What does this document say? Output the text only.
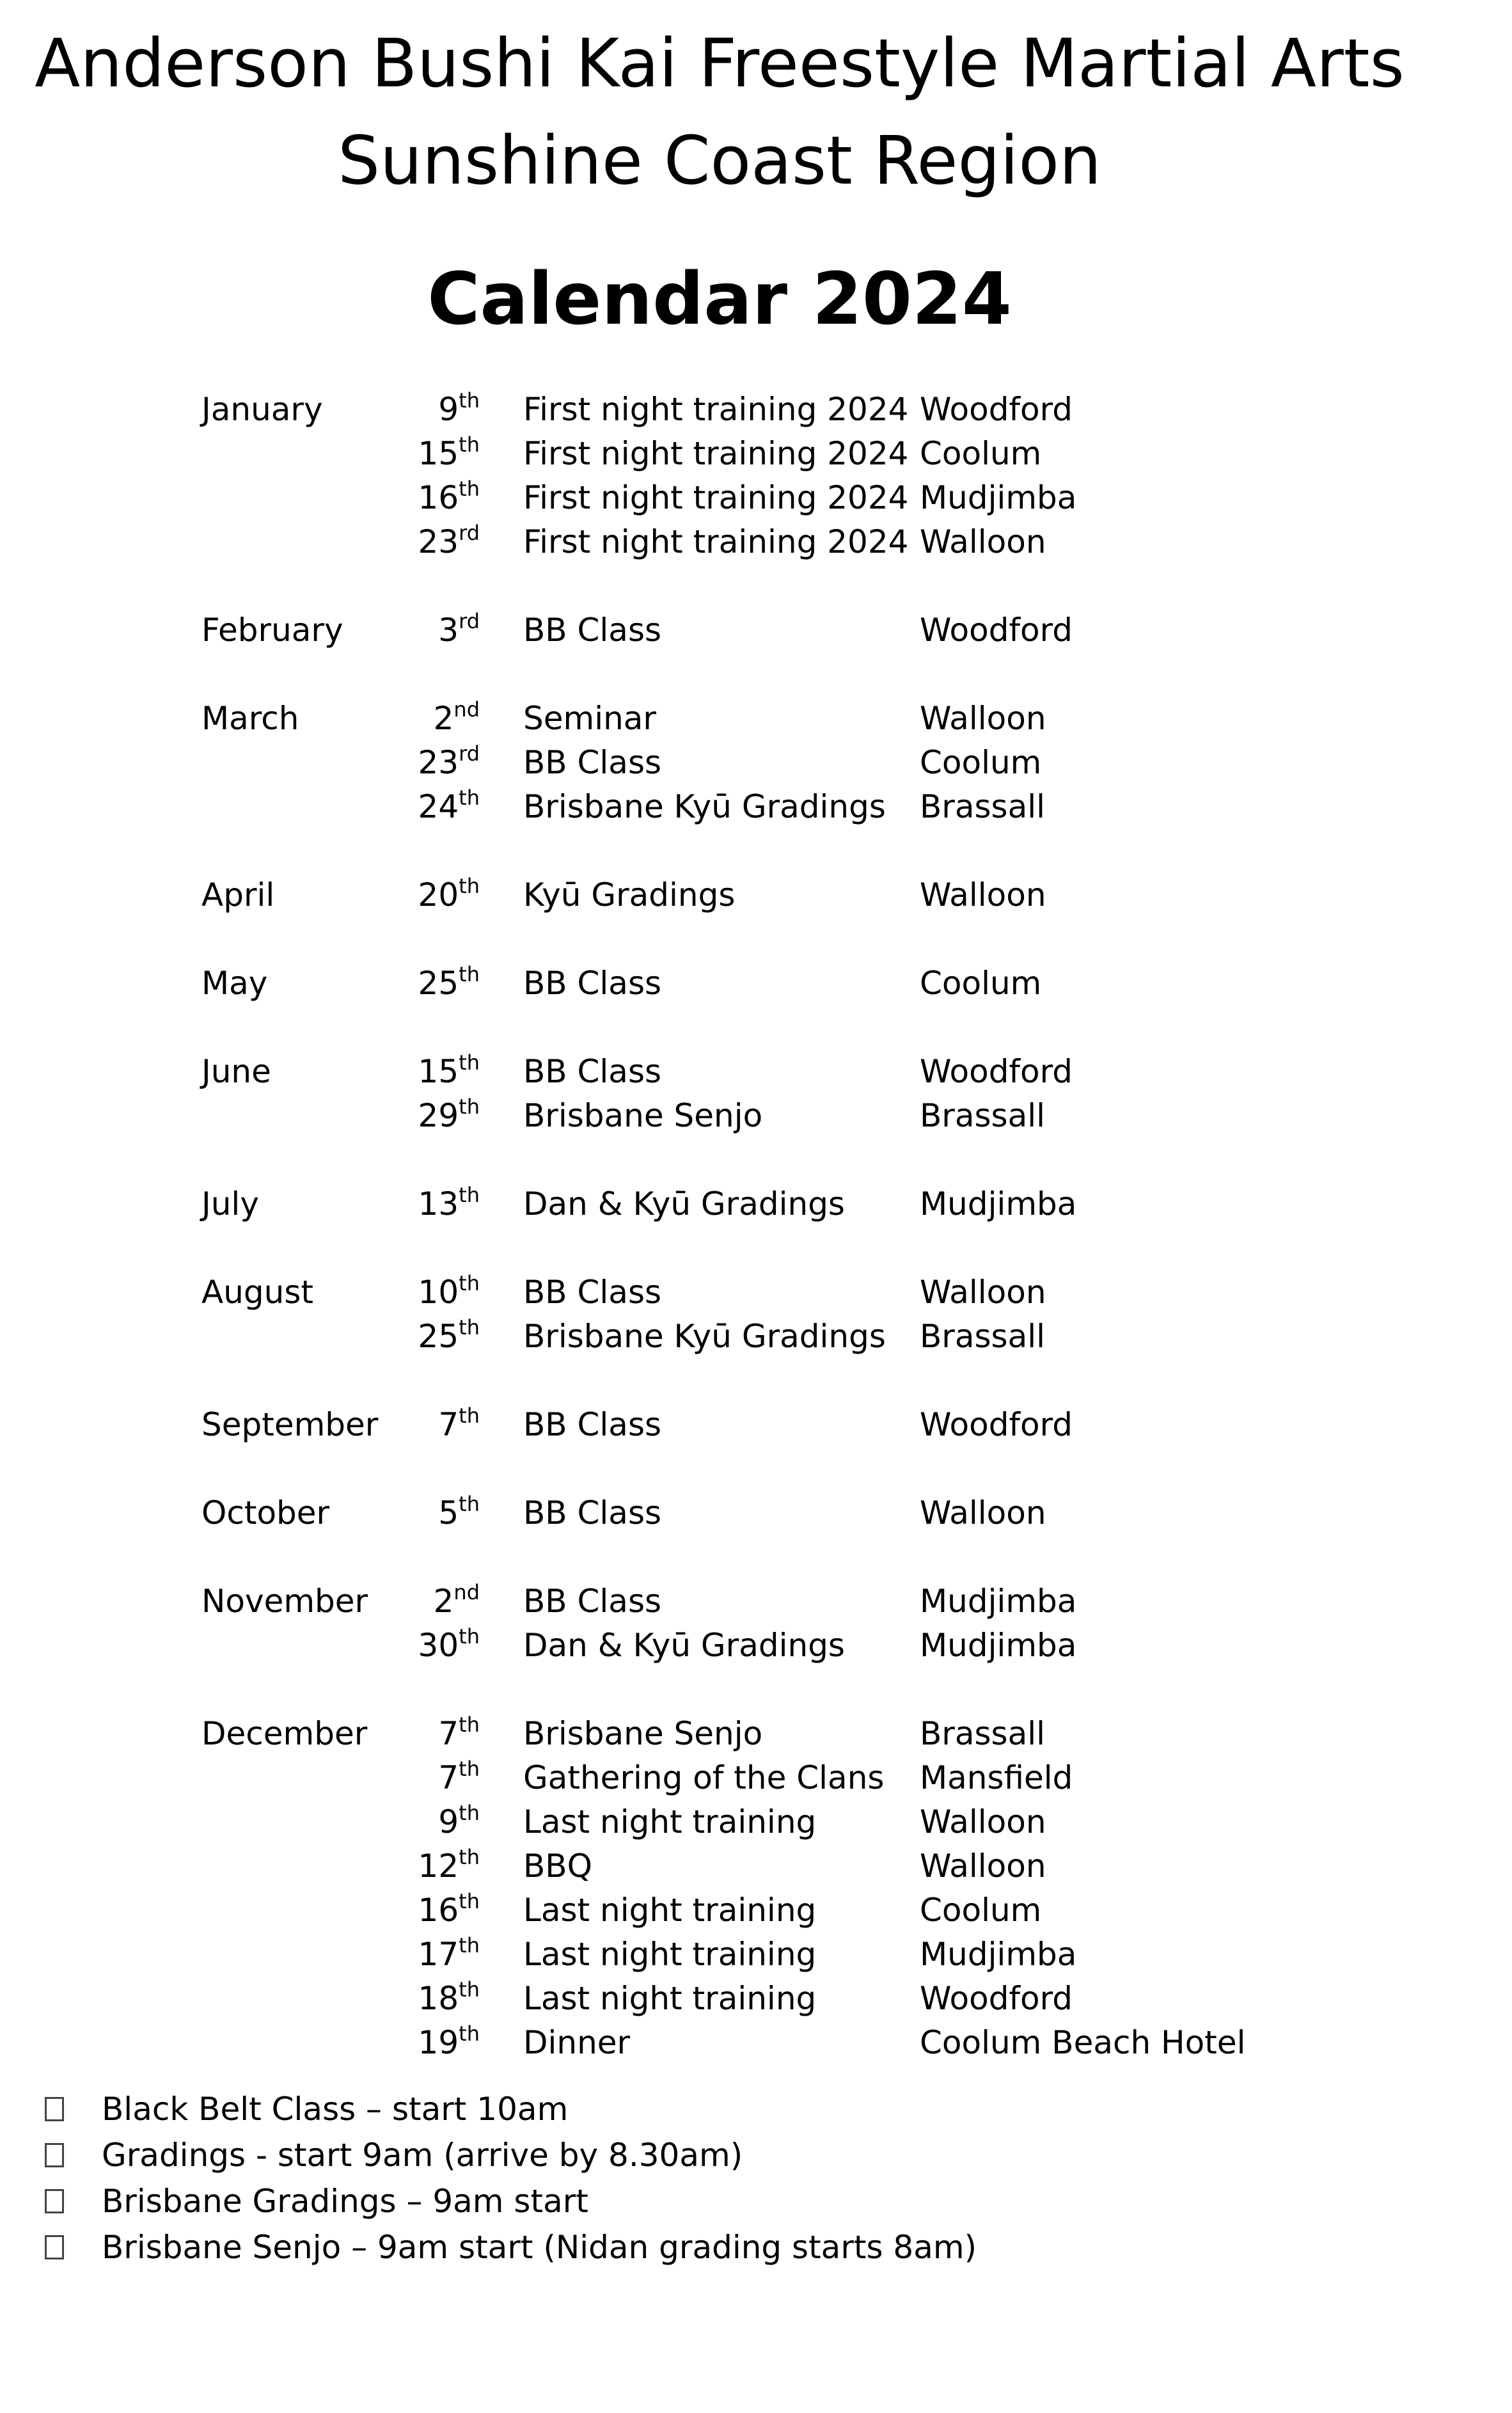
Anderson Bushi Kai Freestyle Martial Arts
Sunshine Coast Region
Calendar 2024
January	9th First night training 2024 Woodford
15th First night training 2024 Coolum
16th First night training 2024 Mudjimba
23rd First night training 2024 Walloon
February	3rd BB Class	Woodford
March	2nd Seminar	Walloon
23rd BB Class	Coolum
24th Brisbane Kyū Gradings Brassall
April	20th Kyū Gradings	Walloon
May	25th BB Class	Coolum
June	15th BB Class	Woodford
29th Brisbane Senjo	Brassall
July	13th Dan & Kyū Gradings Mudjimba
August	10th BB Class	Walloon
25th Brisbane Kyū Gradings Brassall
September	7th BB Class	Woodford
October	5th BB Class	Walloon
November	2nd BB Class	Mudjimba
30th Dan & Kyū Gradings Mudjimba
December	7th Brisbane Senjo	Brassall
7th Gathering of the Clans Mansfield
9th Last night training	Walloon
12th BBQ	Walloon
16th Last night training	Coolum
17th Last night training	Mudjimba
18th Last night training	Woodford
19th Dinner	Coolum Beach Hotel
Black Belt Class – start 10am
Gradings - start 9am (arrive by 8.30am)
Brisbane Gradings – 9am start
Brisbane Senjo – 9am start (Nidan grading starts 8am)
